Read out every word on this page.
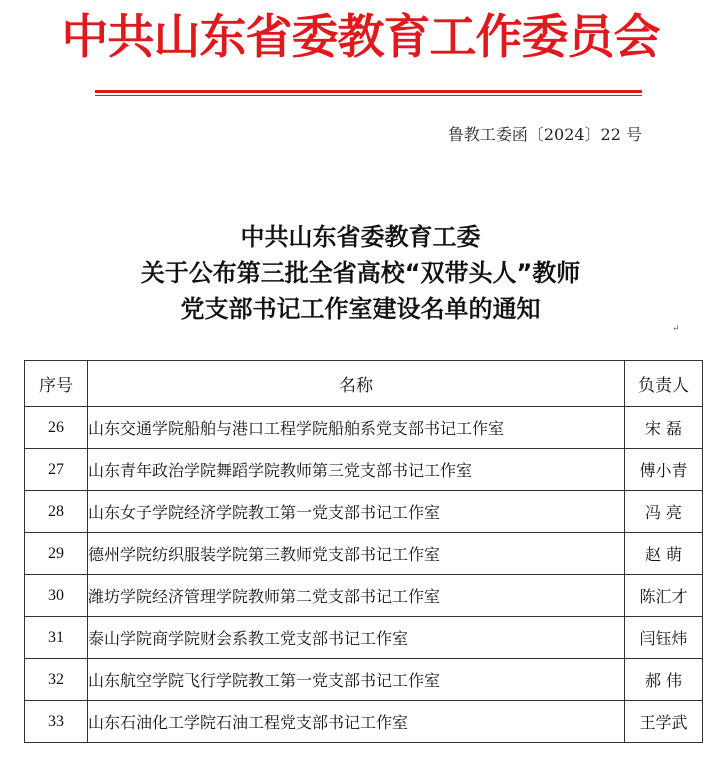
中共山东省委教育工作委员会
鲁教工委函〔2024〕22 号
中共山东省委教育工委
关于公布第三批全省高校“双带头人”教师
党支部书记工作室建设名单的通知
↵
序号	名称	负责人
26	山东交通学院船舶与港口工程学院船舶系党支部书记工作室	宋 磊
27	山东青年政治学院舞蹈学院教师第三党支部书记工作室	傅小青
28	山东女子学院经济学院教工第一党支部书记工作室	冯 亮
29	德州学院纺织服装学院第三教师党支部书记工作室	赵 萌
30	潍坊学院经济管理学院教师第二党支部书记工作室	陈汇才
31	泰山学院商学院财会系教工党支部书记工作室	闫钰炜
32	山东航空学院飞行学院教工第一党支部书记工作室	郝 伟
33	山东石油化工学院石油工程党支部书记工作室	王学武
